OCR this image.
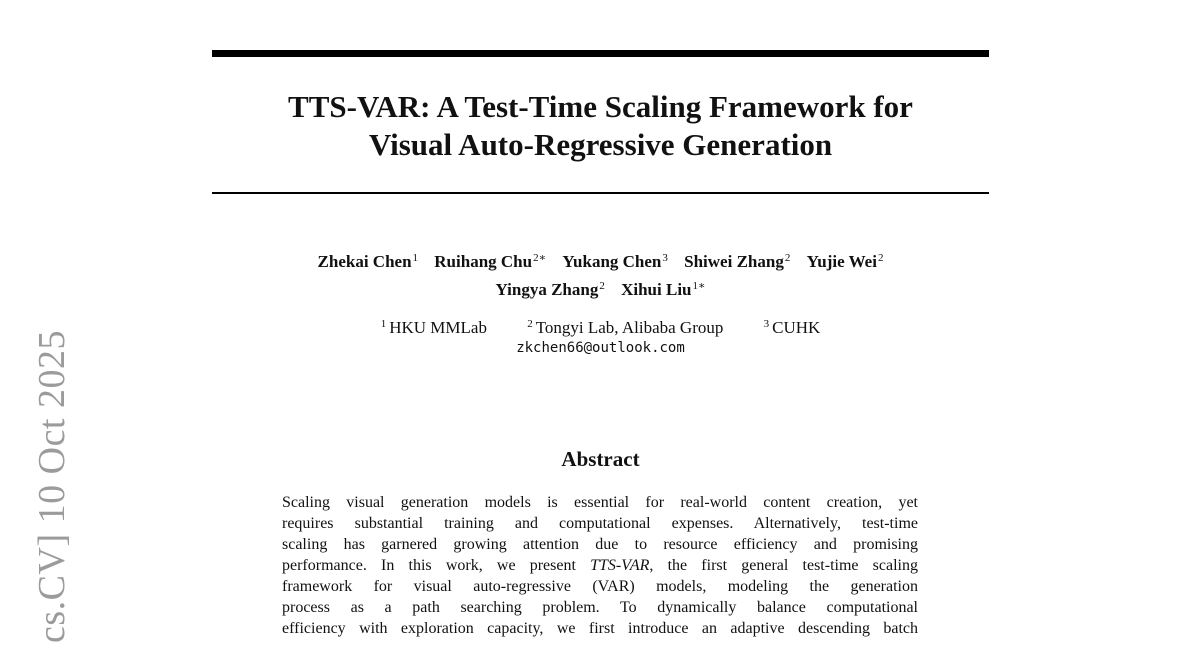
cs.CV] 10 Oct 2025
TTS-VAR: A Test-Time Scaling Framework for
Visual Auto-Regressive Generation
Zhekai Chen$^1$ Ruihang Chu$^{2∗}$ Yukang Chen$^3$ Shiwei Zhang$^2$ Yujie Wei$^2$
Yingya Zhang$^2$ Xihui Liu$^{1∗}$
$^1$ HKU MMLab	$^2$ Tongyi Lab, Alibaba Group	$^3$ CUHK
zkchen66@outlook.com
Abstract
Scaling visual generation models is essential for real-world content creation, yet
requires substantial training and computational expenses. Alternatively, test-time
scaling has garnered growing attention due to resource efficiency and promising
performance. In this work, we present TTS-VAR, the first general test-time scaling
framework for visual auto-regressive (VAR) models, modeling the generation
process as a path searching problem. To dynamically balance computational
efficiency with exploration capacity, we first introduce an adaptive descending batch
